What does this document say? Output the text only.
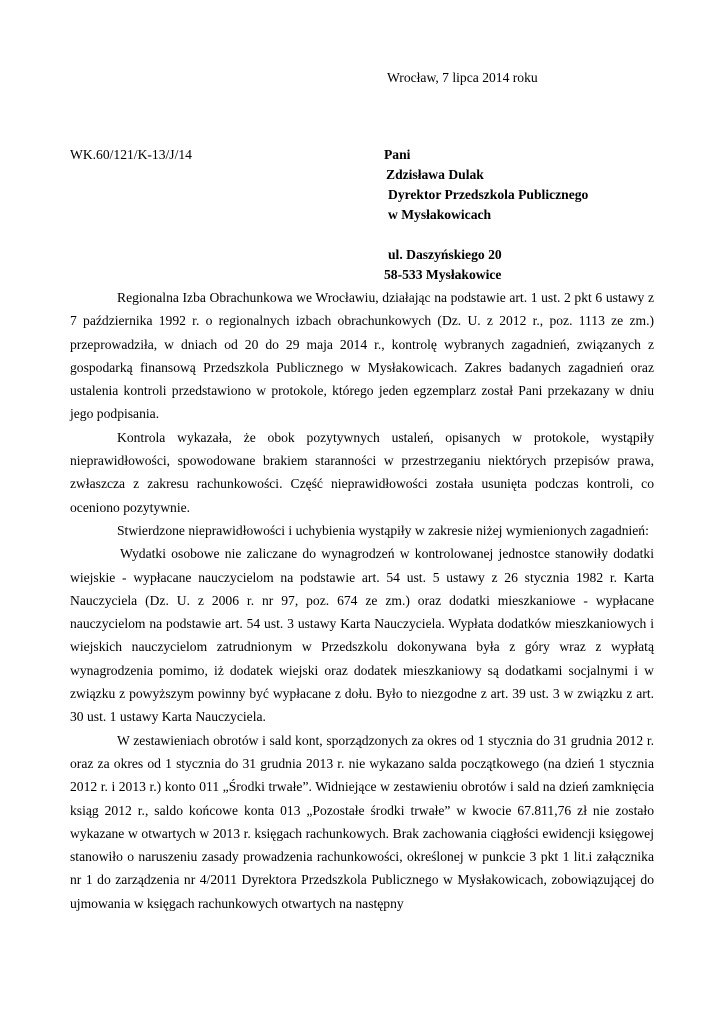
Wrocław, 7 lipca 2014 roku
WK.60/121/K-13/J/14	Pani
Zdzisława Dulak
Dyrektor Przedszkola Publicznego
w Mysłakowicach
ul. Daszyńskiego 20
58-533 Mysłakowice

Regionalna Izba Obrachunkowa we Wrocławiu, działając na podstawie art. 1 ust. 2 pkt 6 ustawy z 7 października 1992 r. o regionalnych izbach obrachunkowych (Dz. U. z 2012 r., poz. 1113 ze zm.) przeprowadziła, w dniach od 20 do 29 maja 2014 r., kontrolę wybranych zagadnień, związanych z gospodarką finansową Przedszkola Publicznego w Mysłakowicach. Zakres badanych zagadnień oraz ustalenia kontroli przedstawiono w protokole, którego jeden egzemplarz został Pani przekazany w dniu jego podpisania.

Kontrola wykazała, że obok pozytywnych ustaleń, opisanych w protokole, wystąpiły nieprawidłowości, spowodowane brakiem staranności w przestrzeganiu niektórych przepisów prawa, zwłaszcza z zakresu rachunkowości. Część nieprawidłowości została usunięta podczas kontroli, co oceniono pozytywnie.

Stwierdzone nieprawidłowości i uchybienia wystąpiły w zakresie niżej wymienionych zagadnień:

Wydatki osobowe nie zaliczane do wynagrodzeń w kontrolowanej jednostce stanowiły dodatki wiejskie - wypłacane nauczycielom na podstawie art. 54 ust. 5 ustawy z 26 stycznia 1982 r. Karta Nauczyciela (Dz. U. z 2006 r. nr 97, poz. 674 ze zm.) oraz dodatki mieszkaniowe - wypłacane nauczycielom na podstawie art. 54 ust. 3 ustawy Karta Nauczyciela. Wypłata dodatków mieszkaniowych i wiejskich nauczycielom zatrudnionym w Przedszkolu dokonywana była z góry wraz z wypłatą wynagrodzenia pomimo, iż dodatek wiejski oraz dodatek mieszkaniowy są dodatkami socjalnymi i w związku z powyższym powinny być wypłacane z dołu. Było to niezgodne z art. 39 ust. 3 w związku z art. 30 ust. 1 ustawy Karta Nauczyciela.

W zestawieniach obrotów i sald kont, sporządzonych za okres od 1 stycznia do 31 grudnia 2012 r. oraz za okres od 1 stycznia do 31 grudnia 2013 r. nie wykazano salda początkowego (na dzień 1 stycznia 2012 r. i 2013 r.) konto 011 „Środki trwałe”. Widniejące w zestawieniu obrotów i sald na dzień zamknięcia ksiąg 2012 r., saldo końcowe konta 013 „Pozostałe środki trwałe” w kwocie 67.811,76 zł nie zostało wykazane w otwartych w 2013 r. księgach rachunkowych. Brak zachowania ciągłości ewidencji księgowej stanowiło o naruszeniu zasady prowadzenia rachunkowości, określonej w punkcie 3 pkt 1 lit.i załącznika nr 1 do zarządzenia nr 4/2011 Dyrektora Przedszkola Publicznego w Mysłakowicach, zobowiązującej do ujmowania w księgach rachunkowych otwartych na następny
